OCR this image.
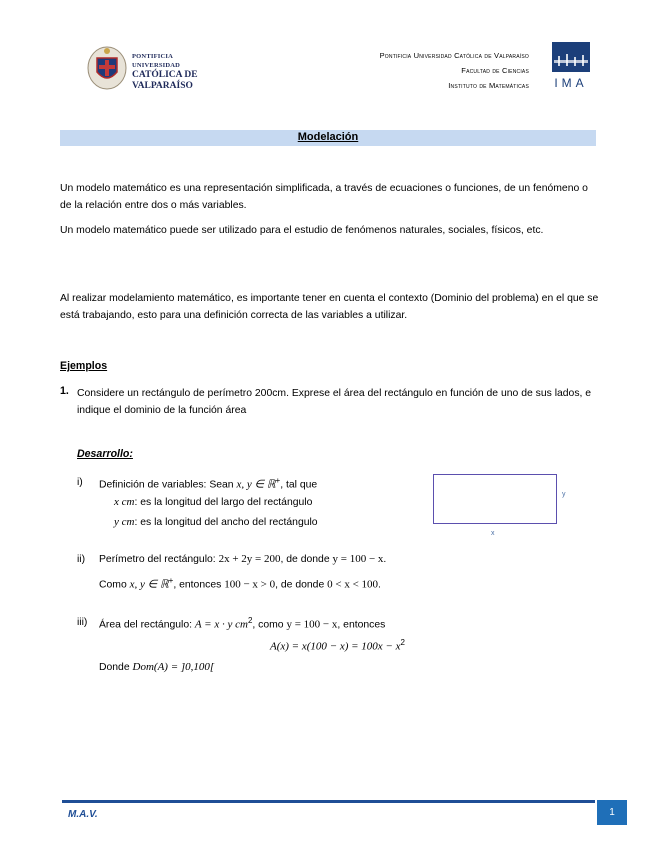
PONTIFICIA
UNIVERSIDAD
CATÓLICA DE
VALPARAÍSO
Pontificia Universidad Católica de Valparaíso
Facultad de Ciencias
Instituto de Matemáticas IMA
Modelación
Un modelo matemático es una representación simplificada, a través de ecuaciones o funciones, de un fenómeno o de la relación entre dos o más variables.
Un modelo matemático puede ser utilizado para el estudio de fenómenos naturales, sociales, físicos, etc.
Al realizar modelamiento matemático, es importante tener en cuenta el contexto (Dominio del problema) en el que se está trabajando, esto para una definición correcta de las variables a utilizar.
Ejemplos
1. Considere un rectángulo de perímetro 200cm. Exprese el área del rectángulo en función de uno de sus lados, e indique el dominio de la función área
Desarrollo:
i) Definición de variables: Sean x, y ∈ ℝ+, tal que
x cm: es la longitud del largo del rectángulo
y cm: es la longitud del ancho del rectángulo
y
x
ii) Perímetro del rectángulo: 2x + 2y = 200, de donde y = 100 − x.
Como x, y ∈ ℝ+, entonces 100 − x > 0, de donde 0 < x < 100.
iii) Área del rectángulo: A = x · y $cm^2$, como y = 100 − x, entonces
$A(x) = x(100 - x) = 100x - x^2$
Donde Dom(A) = ]0,100[
M.A.V.	1
